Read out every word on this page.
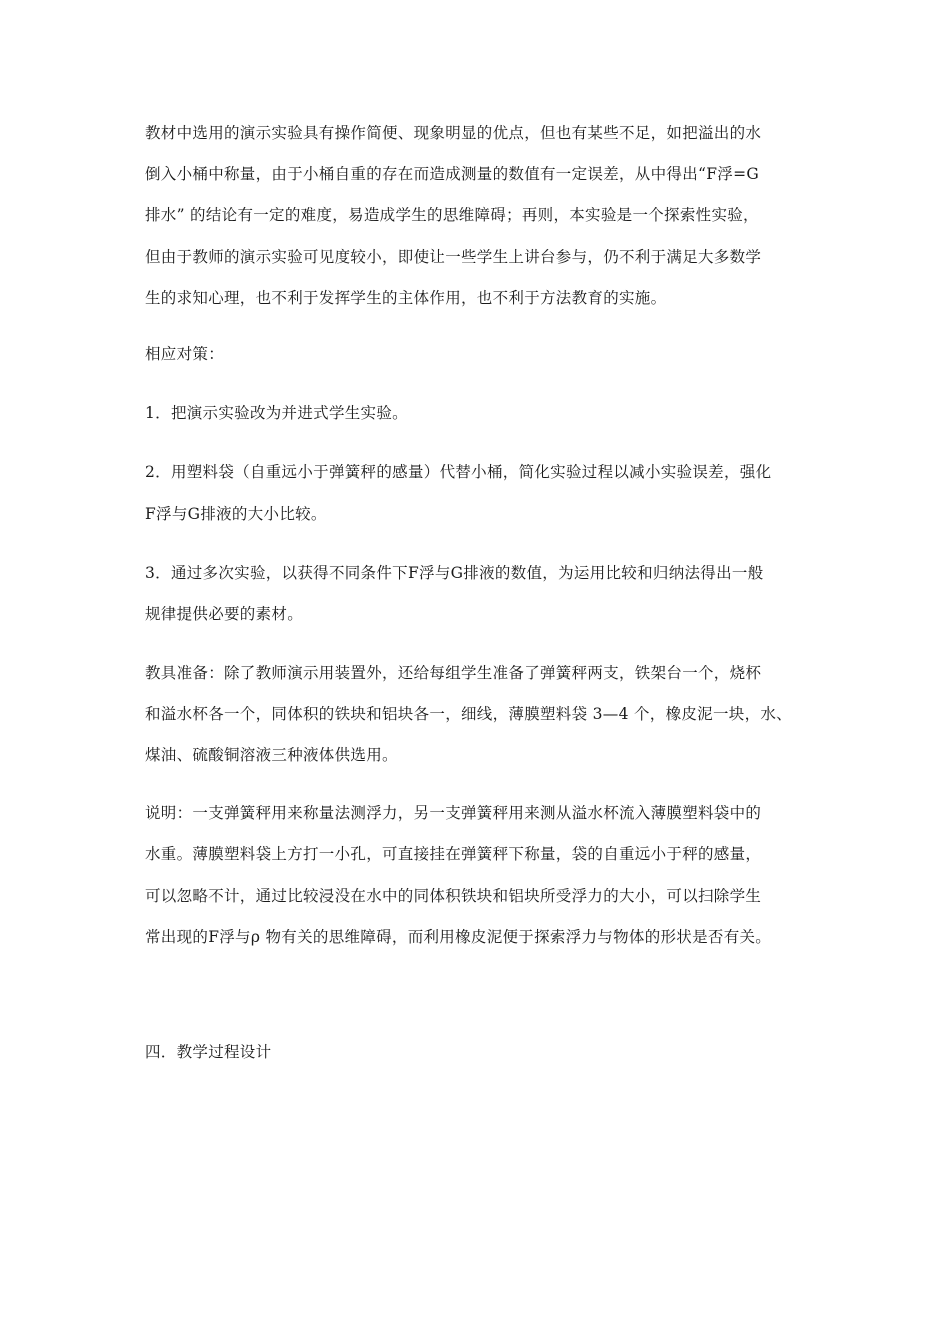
教材中选用的演示实验具有操作简便、现象明显的优点，但也有某些不足，如把溢出的水
倒入小桶中称量，由于小桶自重的存在而造成测量的数值有一定误差，从中得出“F浮=G
排水” 的结论有一定的难度，易造成学生的思维障碍；再则，本实验是一个探索性实验，
但由于教师的演示实验可见度较小，即使让一些学生上讲台参与，仍不利于满足大多数学
生的求知心理，也不利于发挥学生的主体作用，也不利于方法教育的实施。
相应对策：
1．把演示实验改为并进式学生实验。
2．用塑料袋（自重远小于弹簧秤的感量）代替小桶，简化实验过程以减小实验误差，强化
F浮与G排液的大小比较。
3．通过多次实验，以获得不同条件下F浮与G排液的数值，为运用比较和归纳法得出一般
规律提供必要的素材。
教具准备：除了教师演示用装置外，还给每组学生准备了弹簧秤两支，铁架台一个，烧杯
和溢水杯各一个，同体积的铁块和铝块各一，细线，薄膜塑料袋 3—4 个，橡皮泥一块，水、
煤油、硫酸铜溶液三种液体供选用。
说明：一支弹簧秤用来称量法测浮力，另一支弹簧秤用来测从溢水杯流入薄膜塑料袋中的
水重。薄膜塑料袋上方打一小孔，可直接挂在弹簧秤下称量，袋的自重远小于秤的感量，
可以忽略不计，通过比较浸没在水中的同体积铁块和铝块所受浮力的大小，可以扫除学生
常出现的F浮与ρ 物有关的思维障碍，而利用橡皮泥便于探索浮力与物体的形状是否有关。
四．教学过程设计
